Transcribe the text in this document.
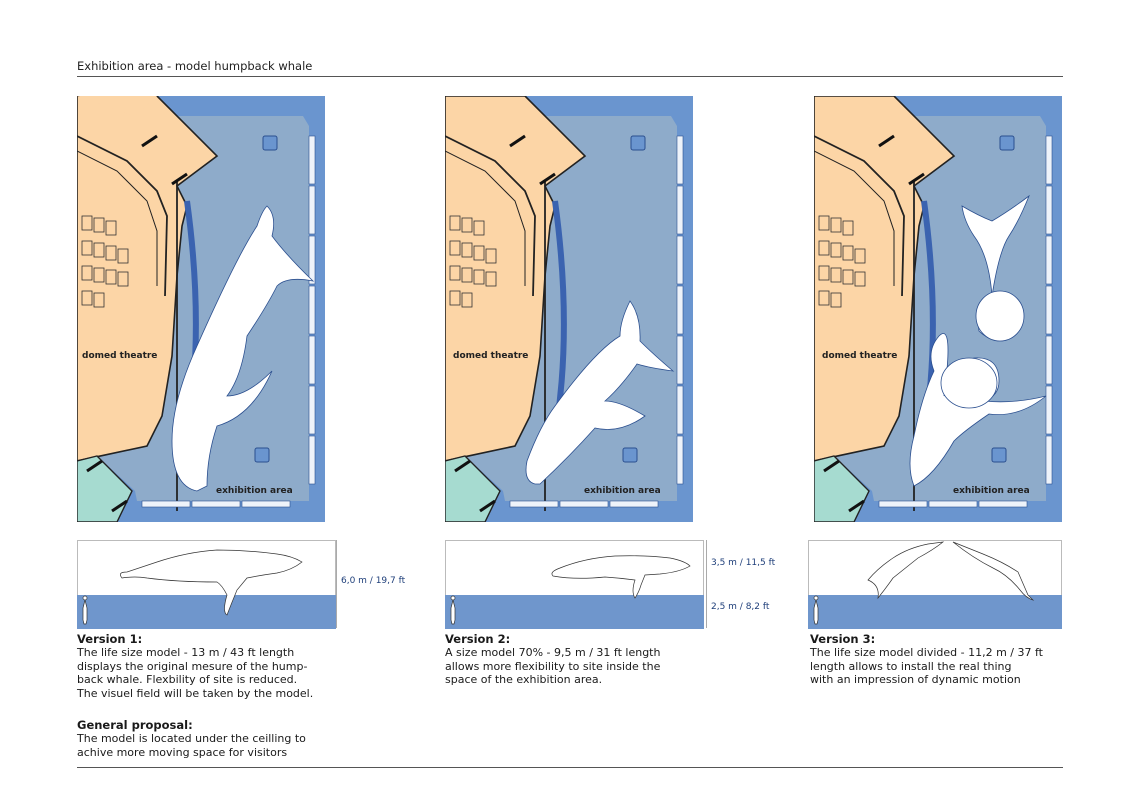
Exhibition area - model humpback whale
domed theatre
exhibition area
domed theatre
exhibition area
domed theatre
exhibition area
6,0 m / 19,7 ft
3,5 m / 11,5 ft
2,5 m / 8,2 ft
Version 1:
The life size model - 13 m / 43 ft length
displays the original mesure of the hump-
back whale. Flexbility of site is reduced.
The visuel field will be taken by the model.
Version 2:
A size model 70% - 9,5 m / 31 ft length
allows more flexibility to site inside the
space of the exhibition area.
Version 3:
The life size model divided - 11,2 m / 37 ft
length allows to install the real thing
with an impression of dynamic motion
General proposal:
The model is located under the ceilling to
achive more moving space for visitors
